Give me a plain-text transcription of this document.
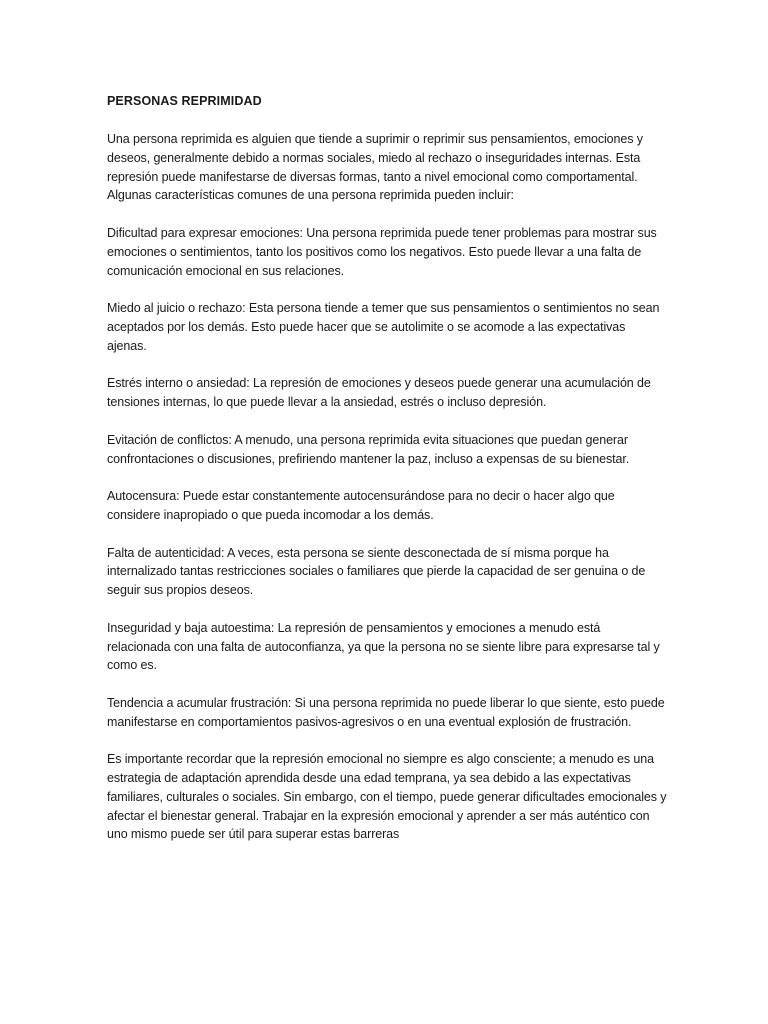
PERSONAS REPRIMIDAD

Una persona reprimida es alguien que tiende a suprimir o reprimir sus pensamientos, emociones y deseos, generalmente debido a normas sociales, miedo al rechazo o inseguridades internas. Esta represión puede manifestarse de diversas formas, tanto a nivel emocional como comportamental. Algunas características comunes de una persona reprimida pueden incluir:

Dificultad para expresar emociones: Una persona reprimida puede tener problemas para mostrar sus emociones o sentimientos, tanto los positivos como los negativos. Esto puede llevar a una falta de comunicación emocional en sus relaciones.

Miedo al juicio o rechazo: Esta persona tiende a temer que sus pensamientos o sentimientos no sean aceptados por los demás. Esto puede hacer que se autolimite o se acomode a las expectativas ajenas.

Estrés interno o ansiedad: La represión de emociones y deseos puede generar una acumulación de tensiones internas, lo que puede llevar a la ansiedad, estrés o incluso depresión.

Evitación de conflictos: A menudo, una persona reprimida evita situaciones que puedan generar confrontaciones o discusiones, prefiriendo mantener la paz, incluso a expensas de su bienestar.

Autocensura: Puede estar constantemente autocensurándose para no decir o hacer algo que considere inapropiado o que pueda incomodar a los demás.

Falta de autenticidad: A veces, esta persona se siente desconectada de sí misma porque ha internalizado tantas restricciones sociales o familiares que pierde la capacidad de ser genuina o de seguir sus propios deseos.

Inseguridad y baja autoestima: La represión de pensamientos y emociones a menudo está relacionada con una falta de autoconfianza, ya que la persona no se siente libre para expresarse tal y como es.

Tendencia a acumular frustración: Si una persona reprimida no puede liberar lo que siente, esto puede manifestarse en comportamientos pasivos-agresivos o en una eventual explosión de frustración.

Es importante recordar que la represión emocional no siempre es algo consciente; a menudo es una estrategia de adaptación aprendida desde una edad temprana, ya sea debido a las expectativas familiares, culturales o sociales. Sin embargo, con el tiempo, puede generar dificultades emocionales y afectar el bienestar general. Trabajar en la expresión emocional y aprender a ser más auténtico con uno mismo puede ser útil para superar estas barreras
